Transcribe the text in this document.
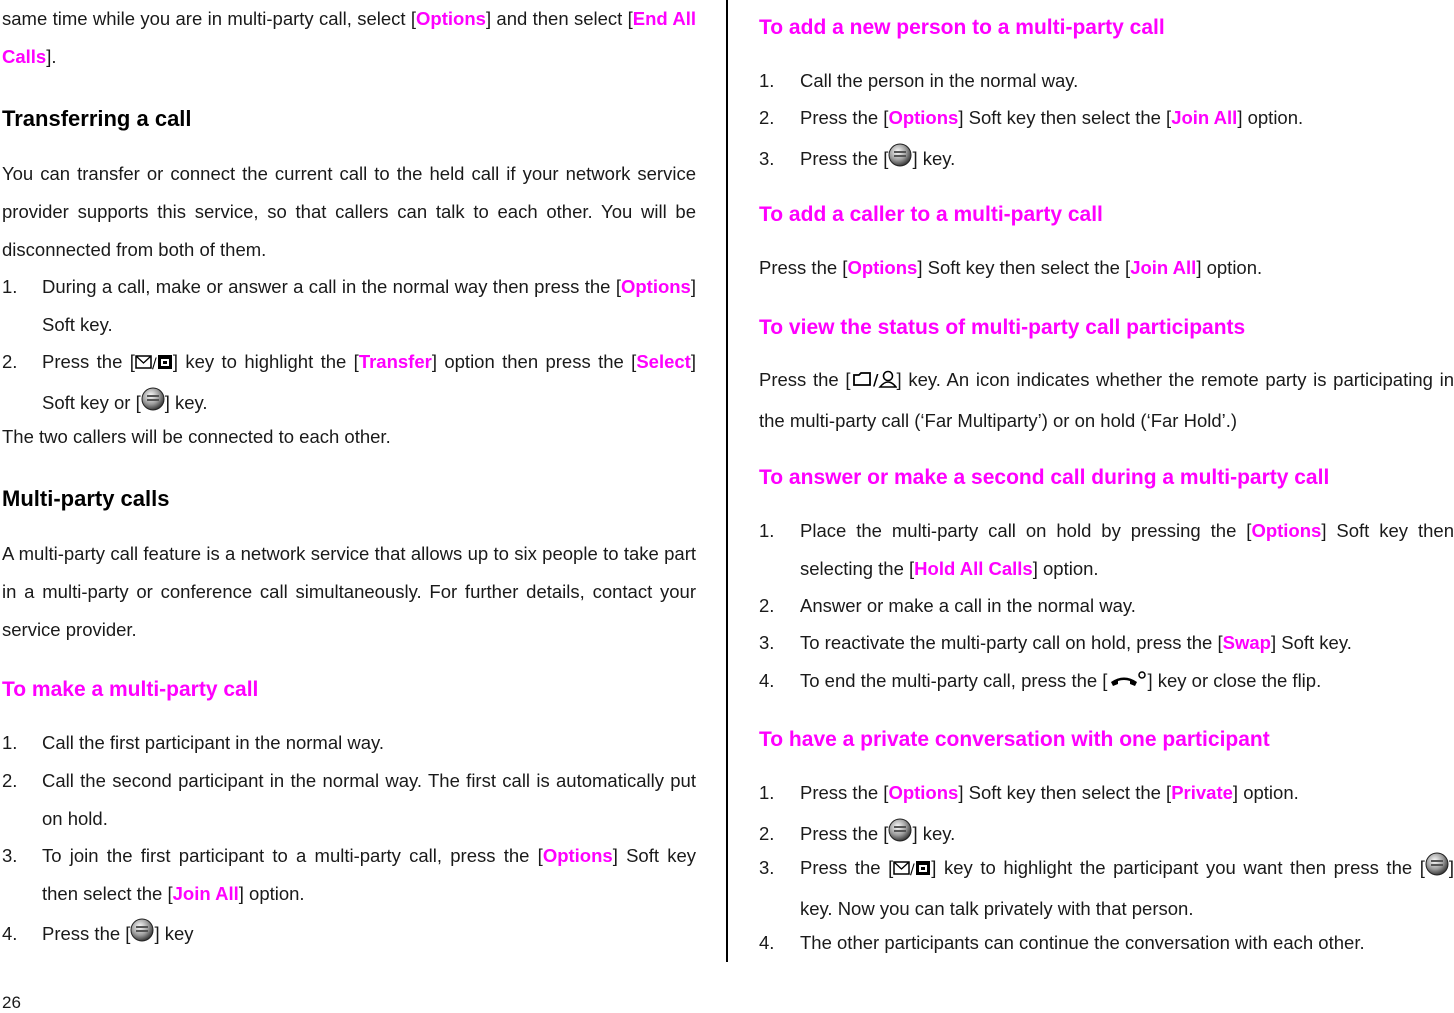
same time while you are in multi-party call, select [Options] and then select [End All Calls].
Transferring a call
You can transfer or connect the current call to the held call if your network service provider supports this service, so that callers can talk to each other. You will be disconnected from both of them.
1.	During a call, make or answer a call in the normal way then press the [Options] Soft key.
2.	Press the [ / ] key to highlight the [Transfer] option then press the [Select] Soft key or [ ] key.
The two callers will be connected to each other.
Multi-party calls
A multi-party call feature is a network service that allows up to six people to take part in a multi-party or conference call simultaneously. For further details, contact your service provider.
To make a multi-party call
1.	Call the first participant in the normal way.
2.	Call the second participant in the normal way. The first call is automatically put on hold.
3.	To join the first participant to a multi-party call, press the [Options] Soft key then select the [Join All] option.
4.	Press the [ ] key
To add a new person to a multi-party call
1.	Call the person in the normal way.
2.	Press the [Options] Soft key then select the [Join All] option.
3.	Press the [ ] key.
To add a caller to a multi-party call
Press the [Options] Soft key then select the [Join All] option.
To view the status of multi-party call participants
Press the [ / ] key. An icon indicates whether the remote party is participating in the multi-party call (‘Far Multiparty’) or on hold (‘Far Hold’.)
To answer or make a second call during a multi-party call
1.	Place the multi-party call on hold by pressing the [Options] Soft key then selecting the [Hold All Calls] option.
2.	Answer or make a call in the normal way.
3.	To reactivate the multi-party call on hold, press the [Swap] Soft key.
4.	To end the multi-party call, press the [ ] key or close the flip.
To have a private conversation with one participant
1.	Press the [Options] Soft key then select the [Private] option.
2.	Press the [ ] key.
3.	Press the [ / ] key to highlight the participant you want then press the [ ] key. Now you can talk privately with that person.
4.	The other participants can continue the conversation with each other.
26
